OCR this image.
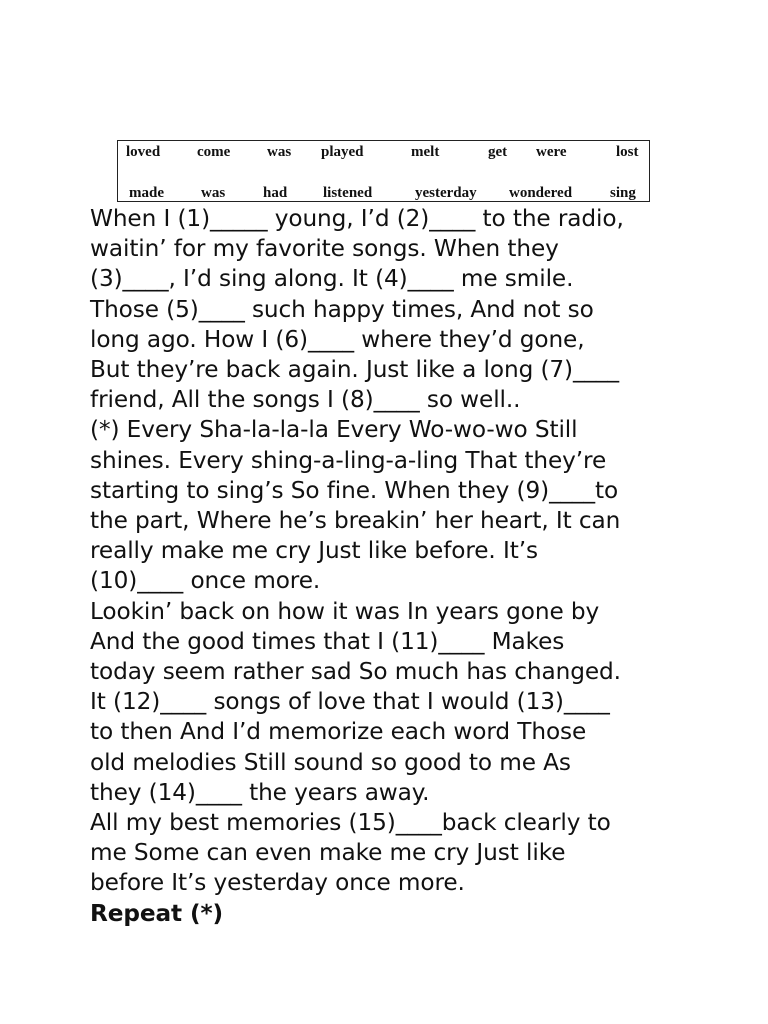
loved come was played	melt	get were	lost
made was	had listened	yesterday wondered	sing

When I (1)_____ young, I’d (2)____ to the radio,

waitin’ for my favorite songs. When they

(3)____, I’d sing along. It (4)____ me smile.

Those (5)____ such happy times, And not so

long ago. How I (6)____ where they’d gone,

But they’re back again. Just like a long (7)____

friend, All the songs I (8)____ so well..

(*) Every Sha-la-la-la Every Wo-wo-wo Still

shines. Every shing-a-ling-a-ling That they’re

starting to sing’s So fine. When they (9)____to

the part, Where he’s breakin’ her heart, It can

really make me cry Just like before. It’s

(10)____ once more.

Lookin’ back on how it was In years gone by

And the good times that I (11)____ Makes

today seem rather sad So much has changed.

It (12)____ songs of love that I would (13)____

to then And I’d memorize each word Those

old melodies Still sound so good to me As

they (14)____ the years away.

All my best memories (15)____back clearly to

me Some can even make me cry Just like

before It’s yesterday once more.

Repeat (*)
